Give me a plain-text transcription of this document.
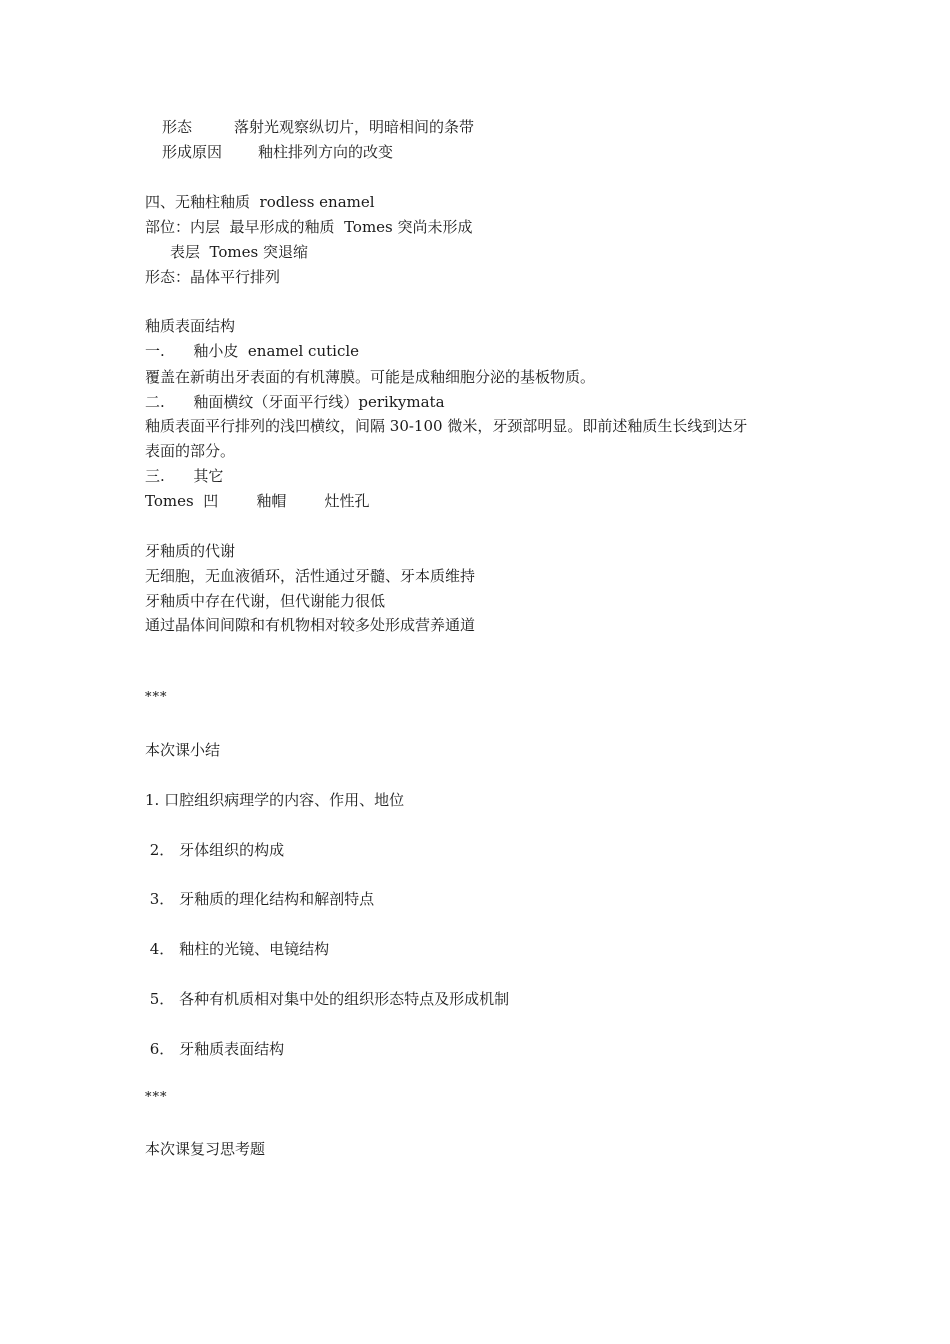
形态	落射光观察纵切片，明暗相间的条带
形成原因 釉柱排列方向的改变
四、无釉柱釉质  rodless enamel
部位：内层  最早形成的釉质  Tomes 突尚未形成
表层  Tomes 突退缩
形态：晶体平行排列
釉质表面结构
一.      釉小皮  enamel cuticle
覆盖在新萌出牙表面的有机薄膜。可能是成釉细胞分泌的基板物质。
二.      釉面横纹（牙面平行线）perikymata
釉质表面平行排列的浅凹横纹，间隔 30-100 微米，牙颈部明显。即前述釉质生长线到达牙
表面的部分。
三.      其它
Tomes  凹        釉帽        灶性孔
牙釉质的代谢
无细胞，无血液循环，活性通过牙髓、牙本质维持
牙釉质中存在代谢，但代谢能力很低
通过晶体间间隙和有机物相对较多处形成营养通道
***
本次课小结
1. 口腔组织病理学的内容、作用、地位
2． 牙体组织的构成
3． 牙釉质的理化结构和解剖特点
4． 釉柱的光镜、电镜结构
5． 各种有机质相对集中处的组织形态特点及形成机制
6． 牙釉质表面结构
***
本次课复习思考题
